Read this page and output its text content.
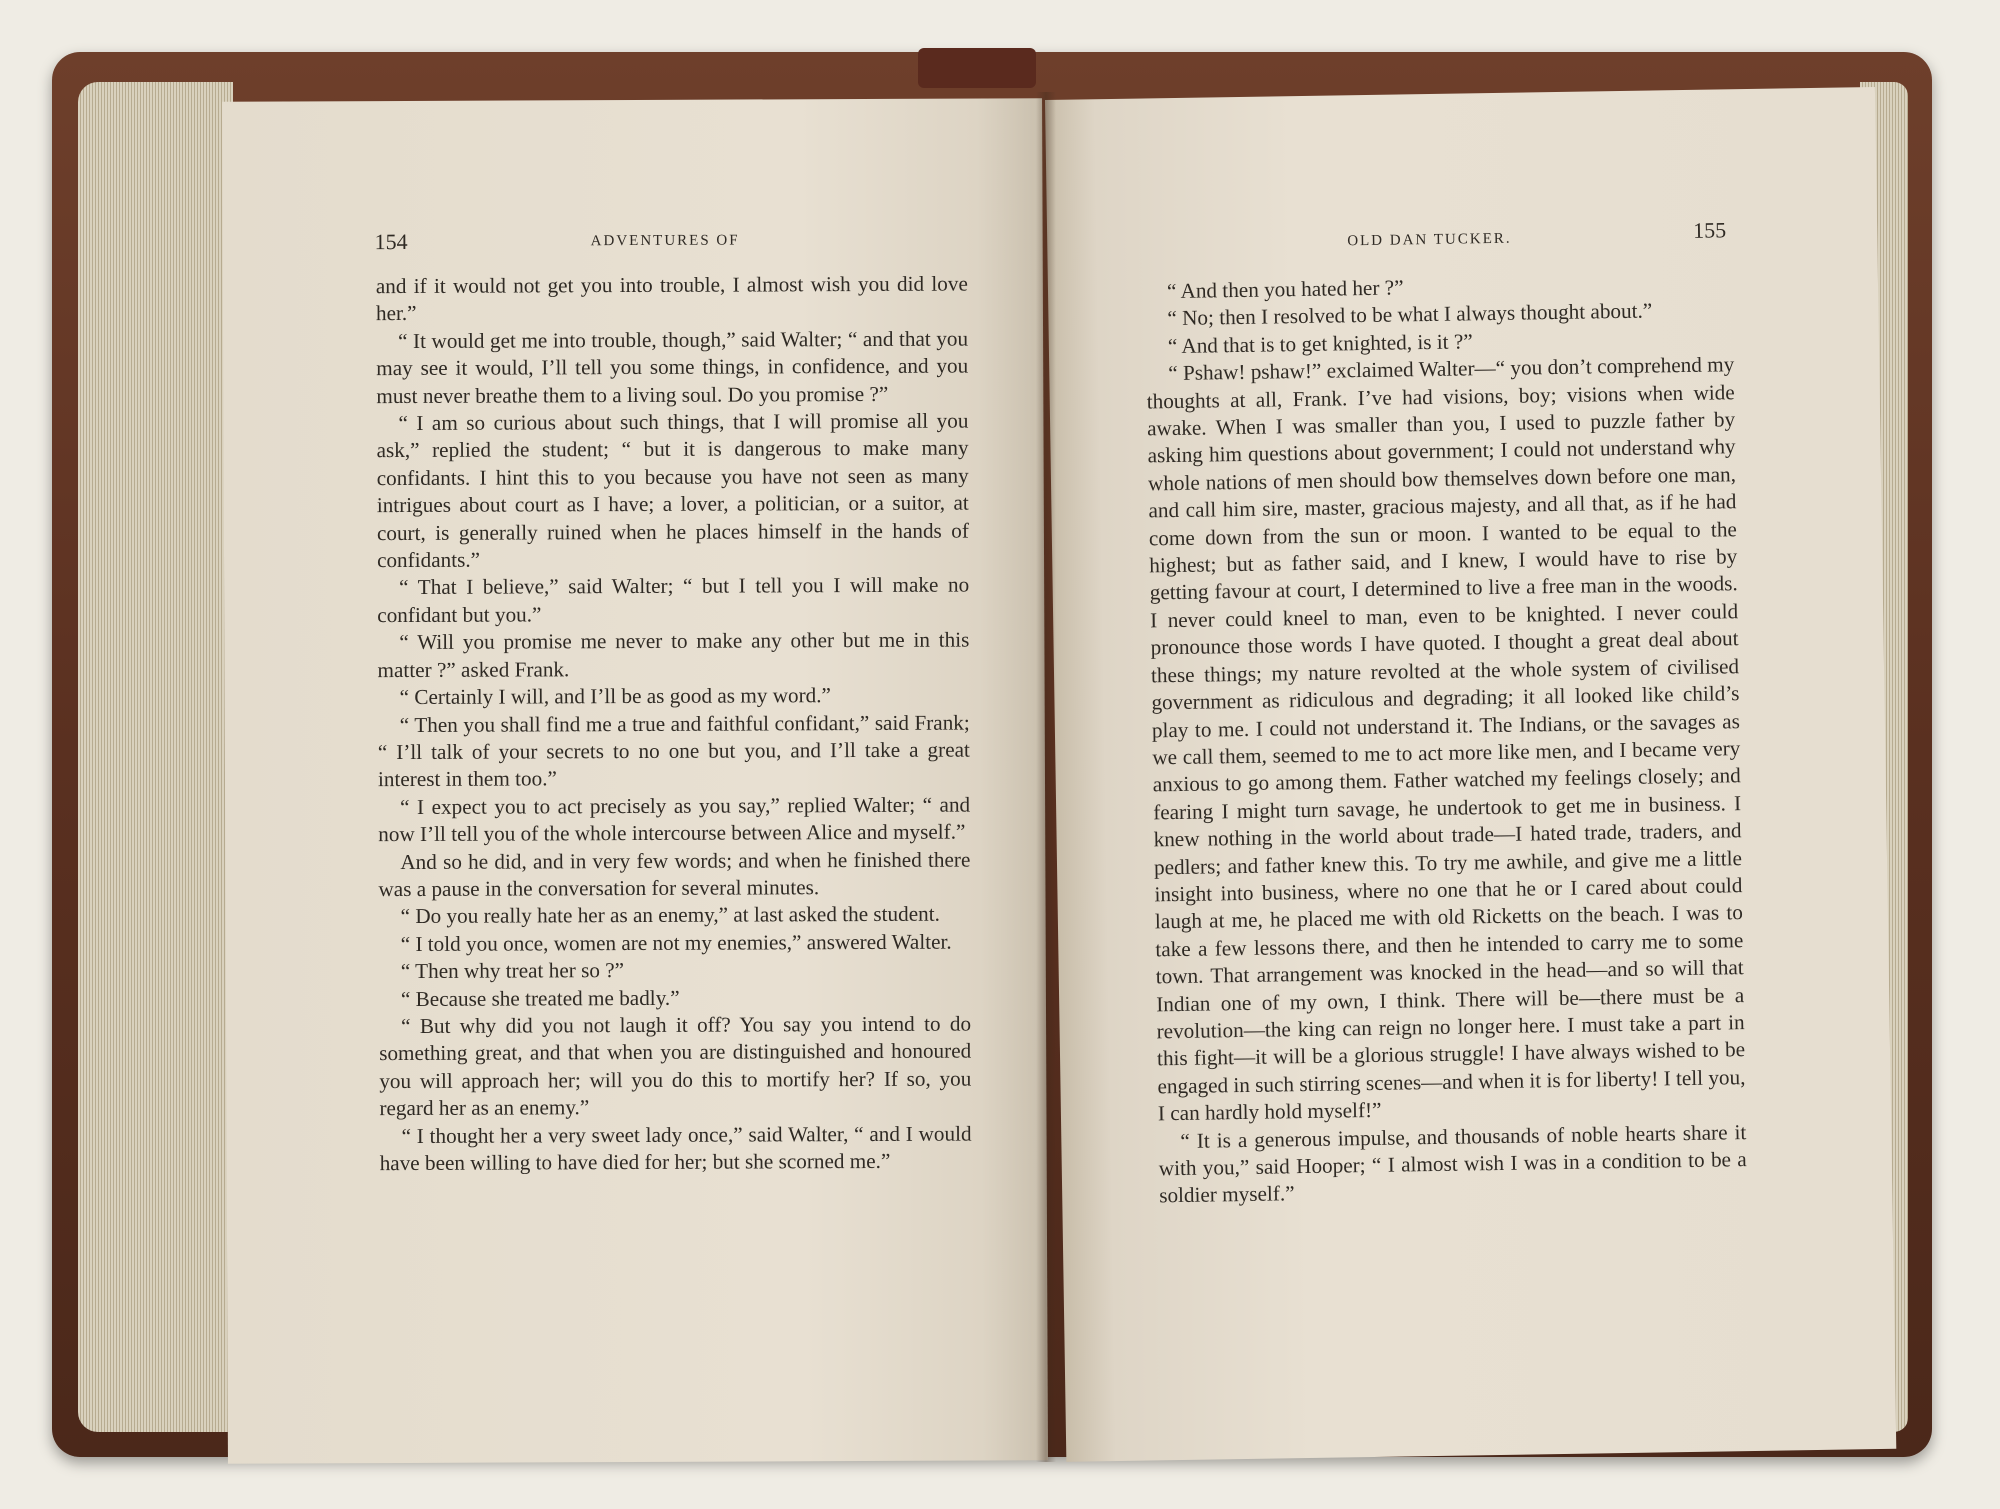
154	ADVENTURES OF

and if it would not get you into trouble, I almost wish you did love her.”

“ It would get me into trouble, though,” said Walter; “ and that you may see it would, I’ll tell you some things, in confidence, and you must never breathe them to a living soul. Do you promise ?”

“ I am so curious about such things, that I will promise all you ask,” replied the student; “ but it is dangerous to make many confidants. I hint this to you because you have not seen as many intrigues about court as I have; a lover, a politician, or a suitor, at court, is generally ruined when he places himself in the hands of confidants.”

“ That I believe,” said Walter; “ but I tell you I will make no confidant but you.”

“ Will you promise me never to make any other but me in this matter ?” asked Frank.

“ Certainly I will, and I’ll be as good as my word.”

“ Then you shall find me a true and faithful confidant,” said Frank; “ I’ll talk of your secrets to no one but you, and I’ll take a great interest in them too.”

“ I expect you to act precisely as you say,” replied Walter; “ and now I’ll tell you of the whole intercourse between Alice and myself.”

And so he did, and in very few words; and when he finished there was a pause in the conversation for several minutes.

“ Do you really hate her as an enemy,” at last asked the student.

“ I told you once, women are not my enemies,” answered Walter.

“ Then why treat her so ?”

“ Because she treated me badly.”

“ But why did you not laugh it off? You say you intend to do something great, and that when you are distinguished and honoured you will approach her; will you do this to mortify her? If so, you regard her as an enemy.”

“ I thought her a very sweet lady once,” said Walter, “ and I would have been willing to have died for her; but she scorned me.”

OLD DAN TUCKER.	155

“ And then you hated her ?”

“ No; then I resolved to be what I always thought about.”

“ And that is to get knighted, is it ?”

“ Pshaw! pshaw!” exclaimed Walter—“ you don’t comprehend my thoughts at all, Frank. I’ve had visions, boy; visions when wide awake. When I was smaller than you, I used to puzzle father by asking him questions about government; I could not understand why whole nations of men should bow themselves down before one man, and call him sire, master, gracious majesty, and all that, as if he had come down from the sun or moon. I wanted to be equal to the highest; but as father said, and I knew, I would have to rise by getting favour at court, I determined to live a free man in the woods. I never could kneel to man, even to be knighted. I never could pronounce those words I have quoted. I thought a great deal about these things; my nature revolted at the whole system of civilised government as ridiculous and degrading; it all looked like child’s play to me. I could not understand it. The Indians, or the savages as we call them, seemed to me to act more like men, and I became very anxious to go among them. Father watched my feelings closely; and fearing I might turn savage, he undertook to get me in business. I knew nothing in the world about trade—I hated trade, traders, and pedlers; and father knew this. To try me awhile, and give me a little insight into business, where no one that he or I cared about could laugh at me, he placed me with old Ricketts on the beach. I was to take a few lessons there, and then he intended to carry me to some town. That arrangement was knocked in the head—and so will that Indian one of my own, I think. There will be—there must be a revolution—the king can reign no longer here. I must take a part in this fight—it will be a glorious struggle! I have always wished to be engaged in such stirring scenes—and when it is for liberty! I tell you, I can hardly hold myself!”

“ It is a generous impulse, and thousands of noble hearts share it with you,” said Hooper; “ I almost wish I was in a condition to be a soldier myself.”
